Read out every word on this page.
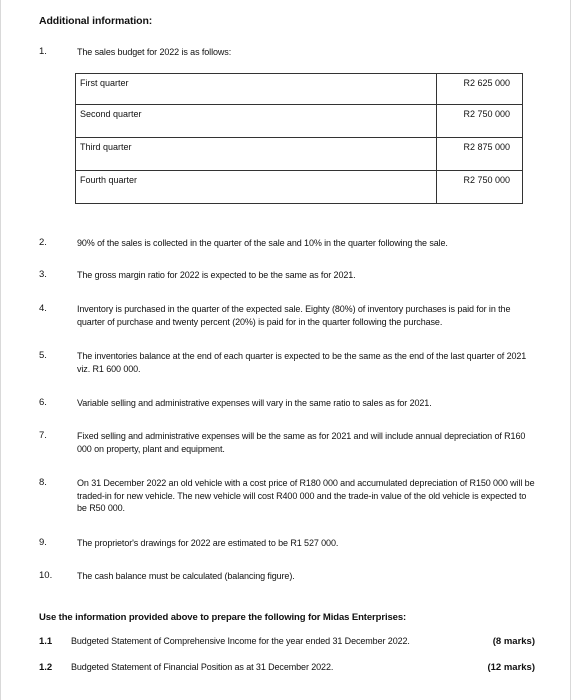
Additional information:
1.	The sales budget for 2022 is as follows:
First quarter	R2 625 000
Second quarter	R2 750 000
Third quarter	R2 875 000
Fourth quarter	R2 750 000
2.	90% of the sales is collected in the quarter of the sale and 10% in the quarter following the sale.
3.	The gross margin ratio for 2022 is expected to be the same as for 2021.
4.	Inventory is purchased in the quarter of the expected sale. Eighty (80%) of inventory purchases is paid for in the quarter of purchase and twenty percent (20%) is paid for in the quarter following the purchase.
5.	The inventories balance at the end of each quarter is expected to be the same as the end of the last quarter of 2021 viz. R1 600 000.
6.	Variable selling and administrative expenses will vary in the same ratio to sales as for 2021.
7.	Fixed selling and administrative expenses will be the same as for 2021 and will include annual depreciation of R160 000 on property, plant and equipment.
8.	On 31 December 2022 an old vehicle with a cost price of R180 000 and accumulated depreciation of R150 000 will be traded-in for new vehicle. The new vehicle will cost R400 000 and the trade-in value of the old vehicle is expected to be R50 000.
9.	The proprietor's drawings for 2022 are estimated to be R1 527 000.
10.	The cash balance must be calculated (balancing figure).
Use the information provided above to prepare the following for Midas Enterprises:
1.1 Budgeted Statement of Comprehensive Income for the year ended 31 December 2022.	(8 marks)
1.2 Budgeted Statement of Financial Position as at 31 December 2022.	(12 marks)
